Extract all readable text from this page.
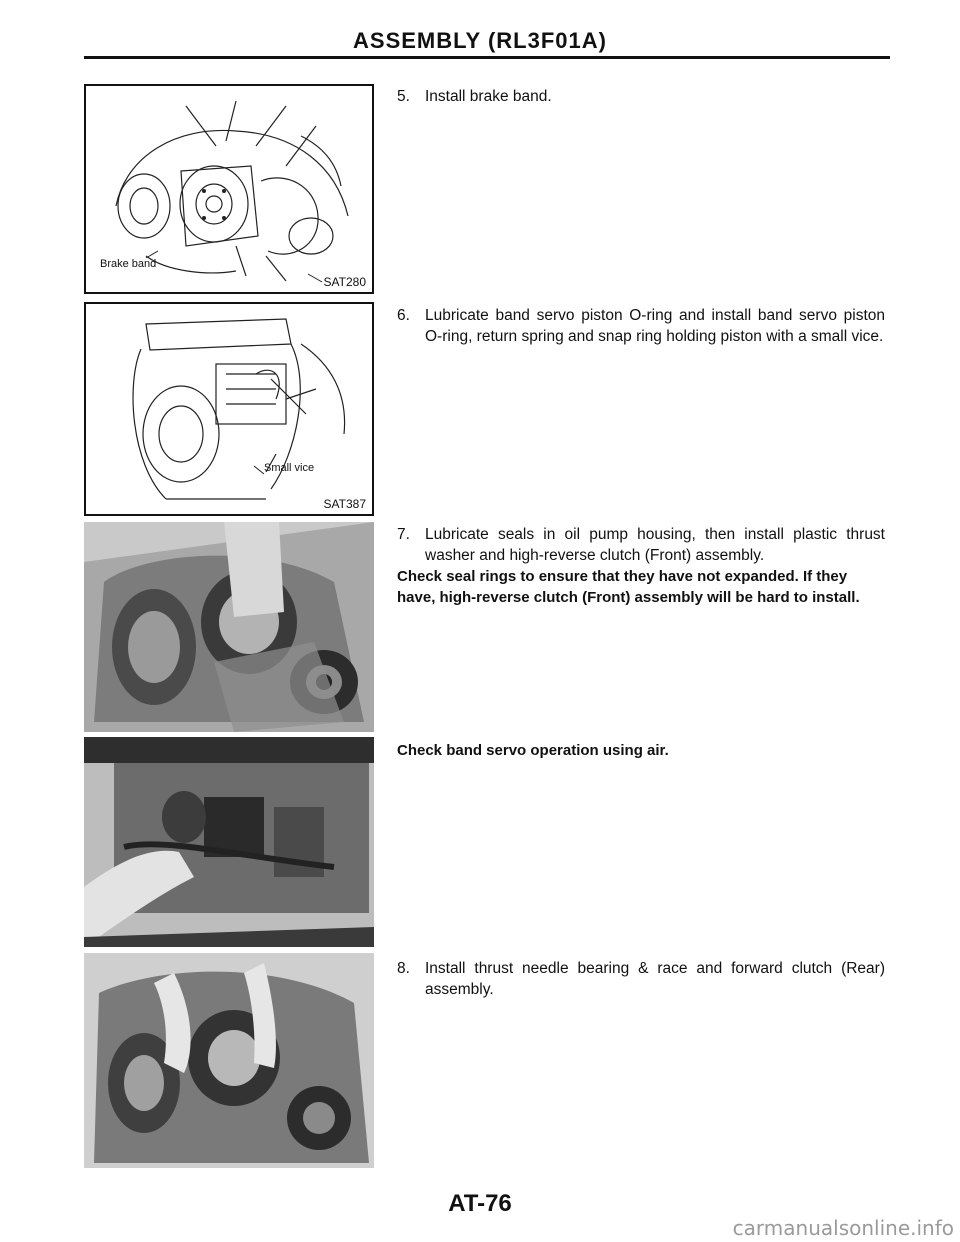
ASSEMBLY (RL3F01A)
Brake band
SAT280
Small vice
SAT387
5. Install brake band.
6. Lubricate band servo piston O-ring and install band servo piston O-ring, return spring and snap ring holding piston with a small vice.
7. Lubricate seals in oil pump housing, then install plastic thrust washer and high-reverse clutch (Front) assembly.
Check seal rings to ensure that they have not expanded. If they have, high-reverse clutch (Front) assembly will be hard to install.
Check band servo operation using air.
8. Install thrust needle bearing & race and forward clutch (Rear) assembly.
AT-76
carmanualsonline.info
